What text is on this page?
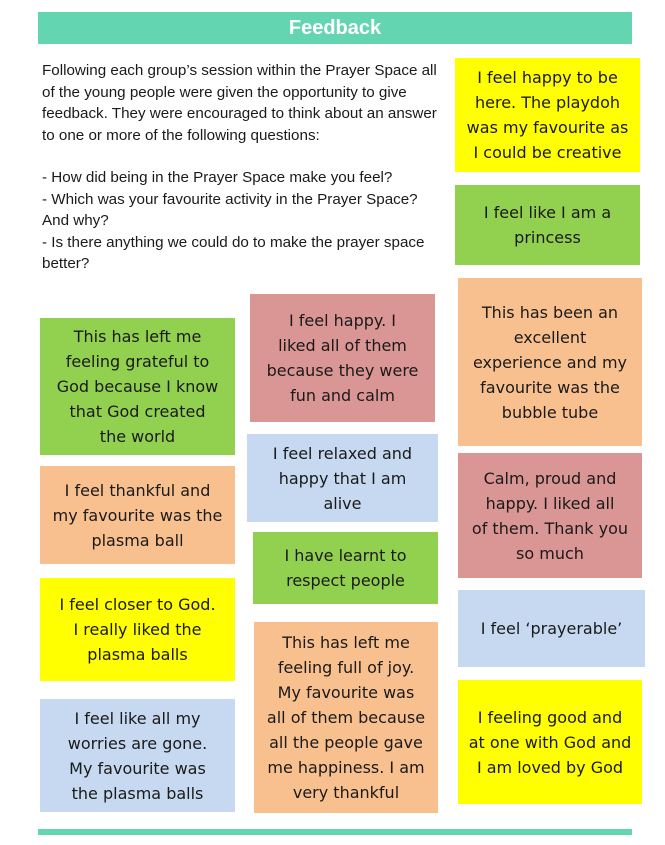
Feedback

Following each group’s session within the Prayer Space all of the young people were given the opportunity to give feedback. They were encouraged to think about an answer to one or more of the following questions:

- How did being in the Prayer Space make you feel?

- Which was your favourite activity in the Prayer Space? And why?

- Is there anything we could do to make the prayer space better?

I feel happy to be
here. The playdoh
was my favourite as
I could be creative
I feel like I am a
princess
This has been an
excellent
experience and my
favourite was the
bubble tube
Calm, proud and
happy. I liked all
of them. Thank you
so much
I feel ‘prayerable’
I feeling good and
at one with God and
I am loved by God
This has left me
feeling grateful to
God because I know
that God created
the world
I feel thankful and
my favourite was the
plasma ball
I feel closer to God.
I really liked the
plasma balls
I feel like all my
worries are gone.
My favourite was
the plasma balls
I feel happy. I
liked all of them
because they were
fun and calm
I feel relaxed and
happy that I am
alive
I have learnt to
respect people
This has left me
feeling full of joy.
My favourite was
all of them because
all the people gave
me happiness. I am
very thankful
